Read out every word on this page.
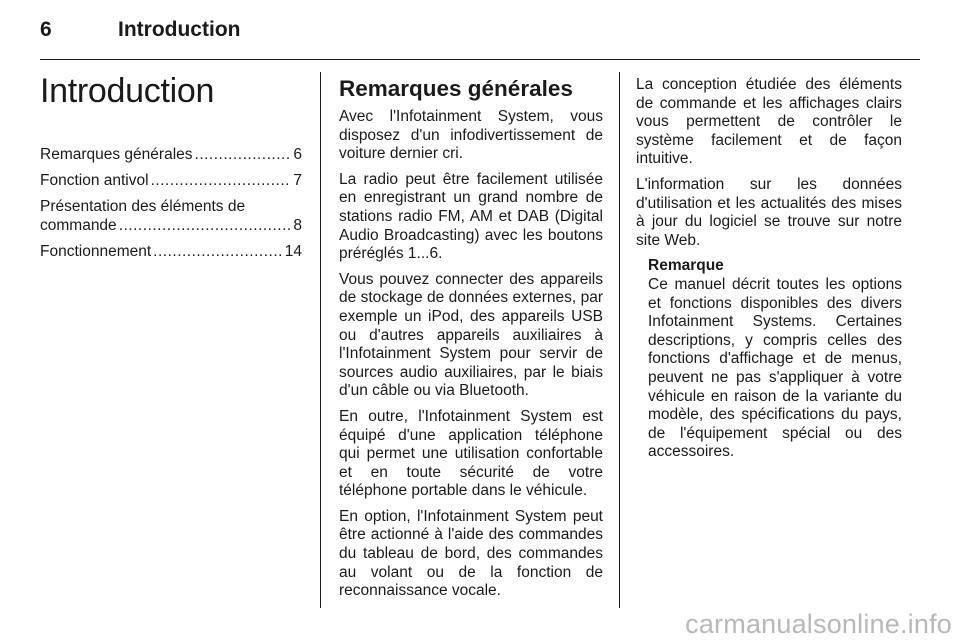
6	Introduction
Introduction
Remarques générales .....	6
Fonction antivol .....	7
Présentation des éléments de
commande .....	8
Fonctionnement .....	14
Remarques générales

Avec l'Infotainment System, vous disposez d'un infodivertissement de voiture dernier cri.

La radio peut être facilement utilisée en enregistrant un grand nombre de stations radio FM, AM et DAB (Digital Audio Broadcasting) avec les boutons préréglés 1...6.

Vous pouvez connecter des appareils de stockage de données externes, par exemple un iPod, des appareils USB ou d'autres appareils auxiliaires à l'Infotainment System pour servir de sources audio auxiliaires, par le biais d'un câble ou via Bluetooth.

En outre, l'Infotainment System est équipé d'une application téléphone qui permet une utilisation confortable et en toute sécurité de votre téléphone portable dans le véhicule.

En option, l'Infotainment System peut être actionné à l'aide des commandes du tableau de bord, des commandes au volant ou de la fonction de reconnaissance vocale.

La conception étudiée des éléments de commande et les affichages clairs vous permettent de contrôler le système facilement et de façon intuitive.

L'information sur les données d'utilisation et les actualités des mises à jour du logiciel se trouve sur notre site Web.

Remarque

Ce manuel décrit toutes les options et fonctions disponibles des divers Infotainment Systems. Certaines descriptions, y compris celles des fonctions d'affichage et de menus, peuvent ne pas s'appliquer à votre véhicule en raison de la variante du modèle, des spécifications du pays, de l'équipement spécial ou des accessoires.

carmanualsonline.info
